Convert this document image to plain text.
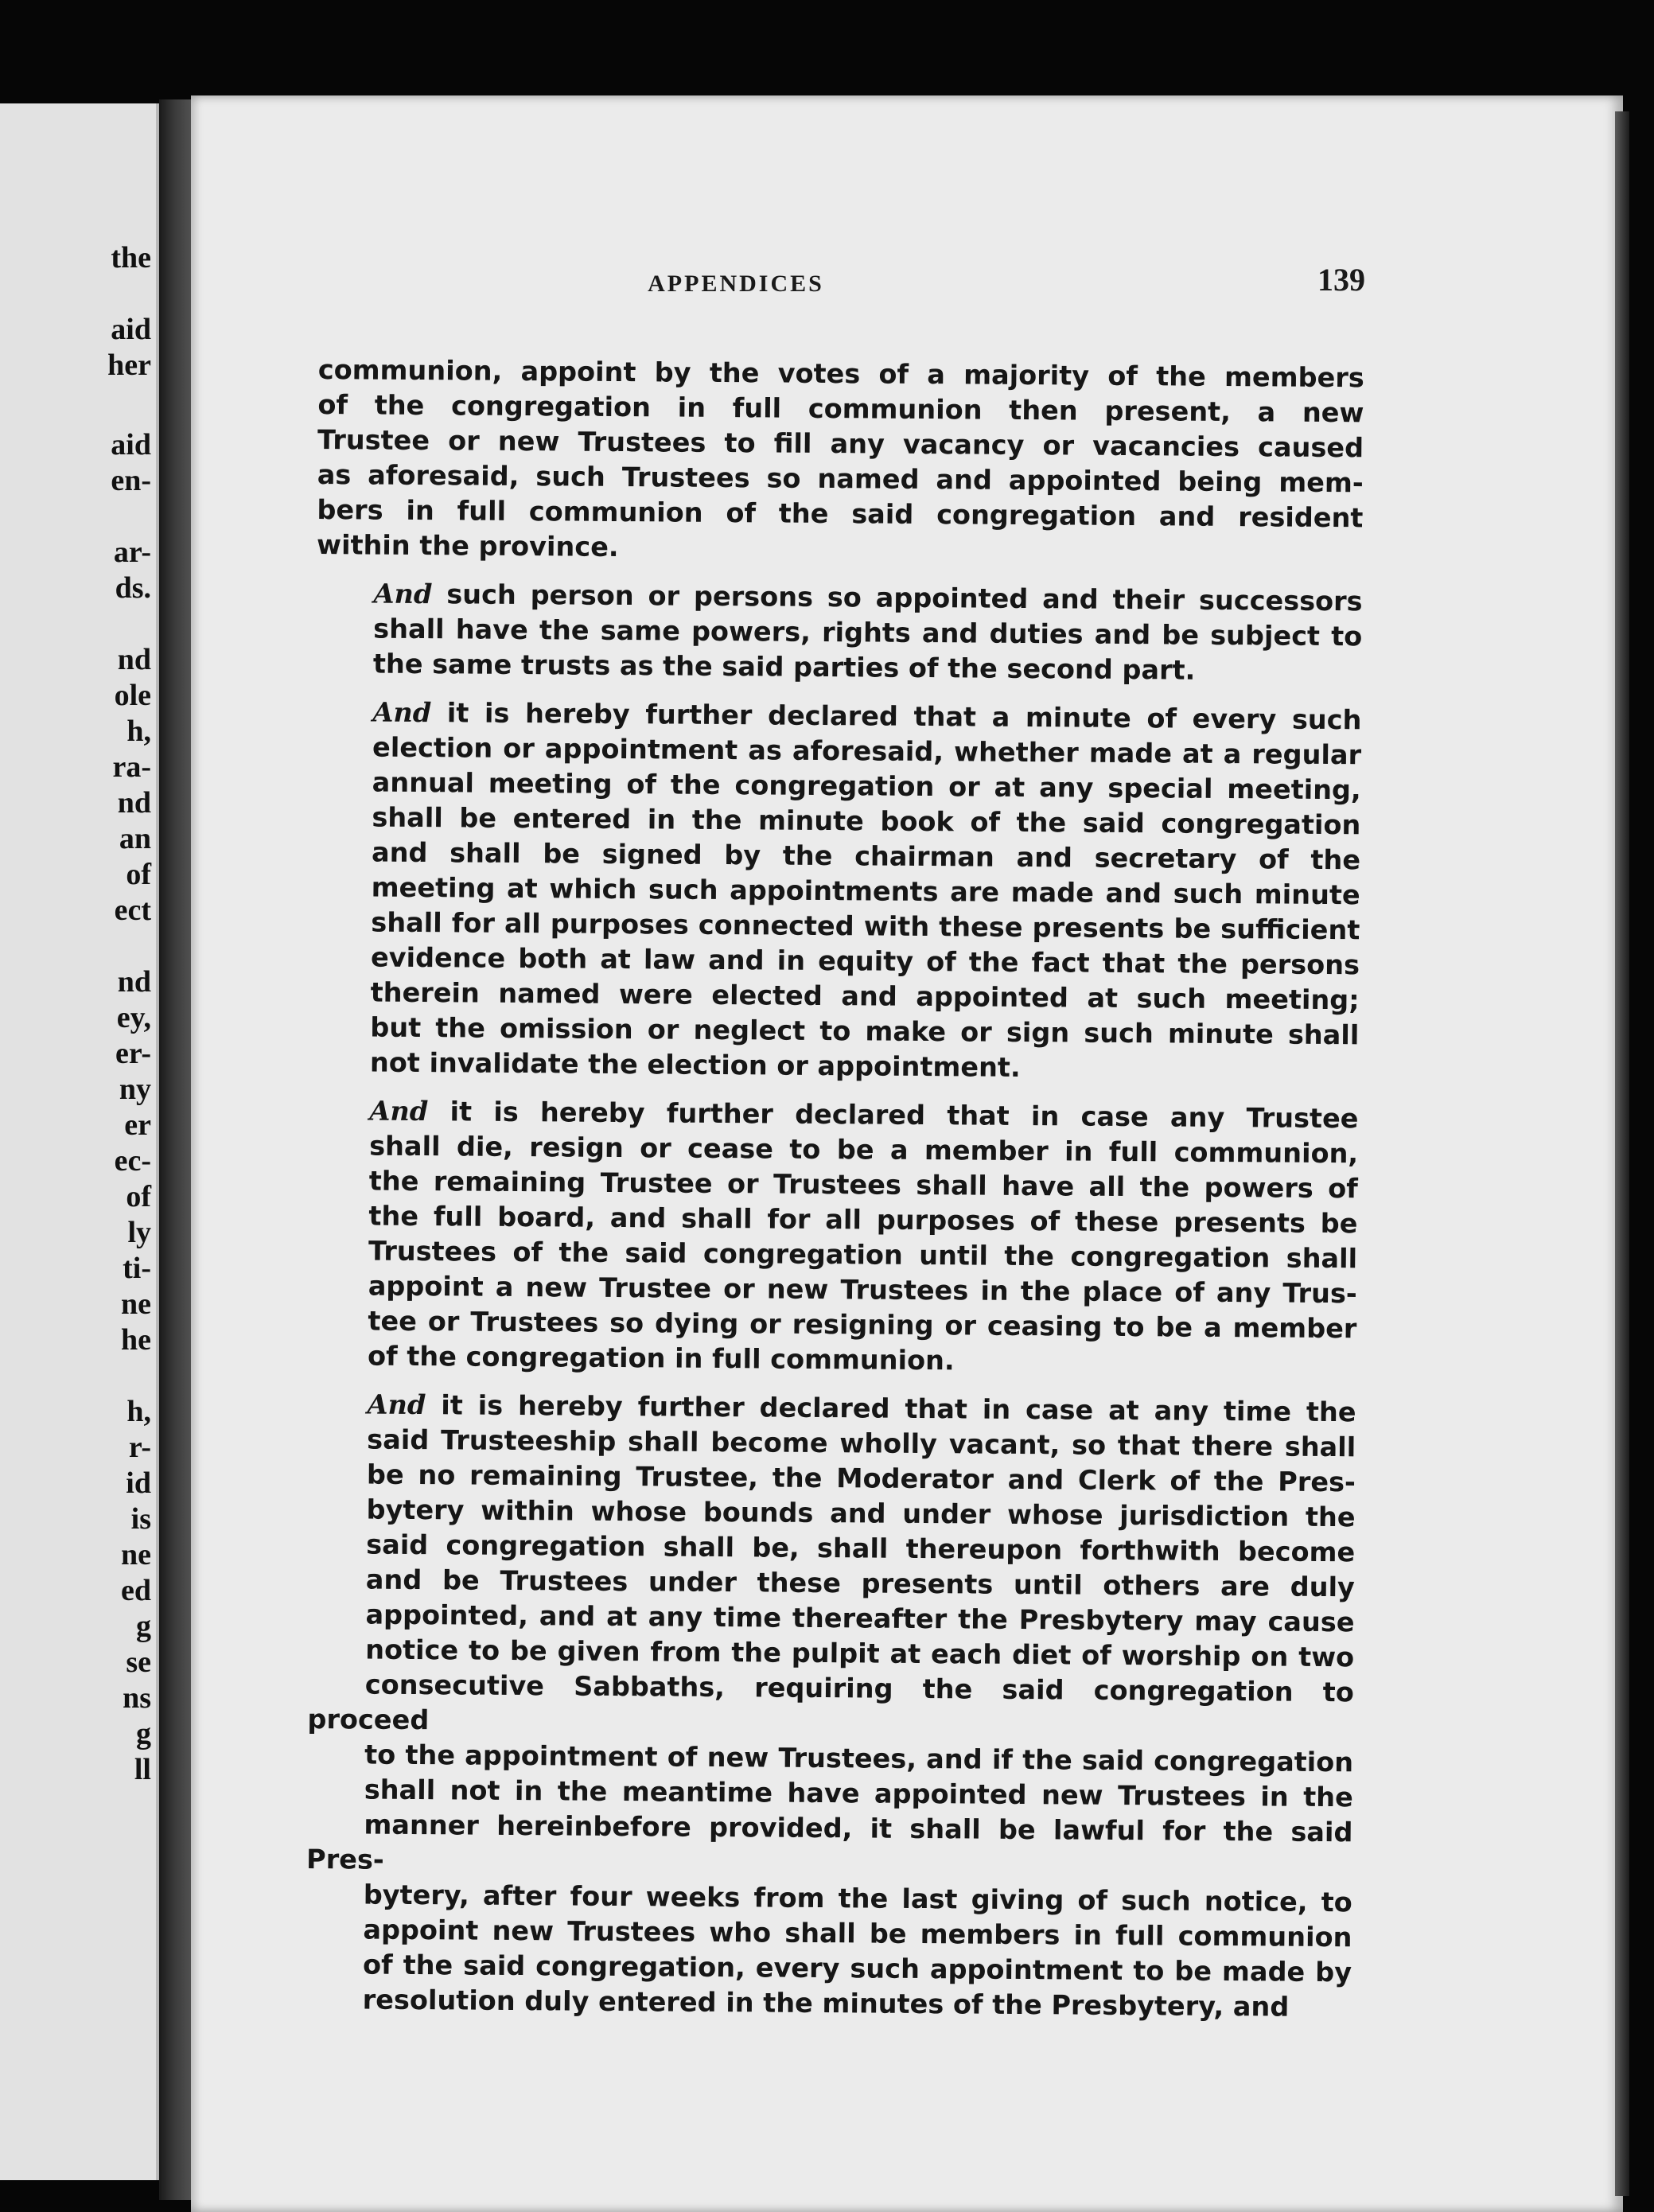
the
aid
her
aid
en-
ar-
ds.
nd
ole
h,
ra-
nd
an
of
ect
nd
ey,
er-
ny
er
ec-
of
ly
ti-
ne
he
h,
r-
id
is
ne
ed
g
se
ns
g
ll
APPENDICES	139
communion, appoint by the votes of a majority of the members
of the congregation in full communion then present, a new
Trustee or new Trustees to fill any vacancy or vacancies caused
as aforesaid, such Trustees so named and appointed being mem-
bers in full communion of the said congregation and resident
within the province.
And such person or persons so appointed and their successors
shall have the same powers, rights and duties and be subject to
the same trusts as the said parties of the second part.
And it is hereby further declared that a minute of every such
election or appointment as aforesaid, whether made at a regular
annual meeting of the congregation or at any special meeting,
shall be entered in the minute book of the said congregation
and shall be signed by the chairman and secretary of the
meeting at which such appointments are made and such minute
shall for all purposes connected with these presents be sufficient
evidence both at law and in equity of the fact that the persons
therein named were elected and appointed at such meeting;
but the omission or neglect to make or sign such minute shall
not invalidate the election or appointment.
And it is hereby further declared that in case any Trustee
shall die, resign or cease to be a member in full communion,
the remaining Trustee or Trustees shall have all the powers of
the full board, and shall for all purposes of these presents be
Trustees of the said congregation until the congregation shall
appoint a new Trustee or new Trustees in the place of any Trus-
tee or Trustees so dying or resigning or ceasing to be a member
of the congregation in full communion.
And it is hereby further declared that in case at any time the
said Trusteeship shall become wholly vacant, so that there shall
be no remaining Trustee, the Moderator and Clerk of the Pres-
bytery within whose bounds and under whose jurisdiction the
said congregation shall be, shall thereupon forthwith become
and be Trustees under these presents until others are duly
appointed, and at any time thereafter the Presbytery may cause
notice to be given from the pulpit at each diet of worship on two
consecutive Sabbaths, requiring the said congregation to proceed
to the appointment of new Trustees, and if the said congregation
shall not in the meantime have appointed new Trustees in the
manner hereinbefore provided, it shall be lawful for the said Pres-
bytery, after four weeks from the last giving of such notice, to
appoint new Trustees who shall be members in full communion
of the said congregation, every such appointment to be made by
resolution duly entered in the minutes of the Presbytery, and
